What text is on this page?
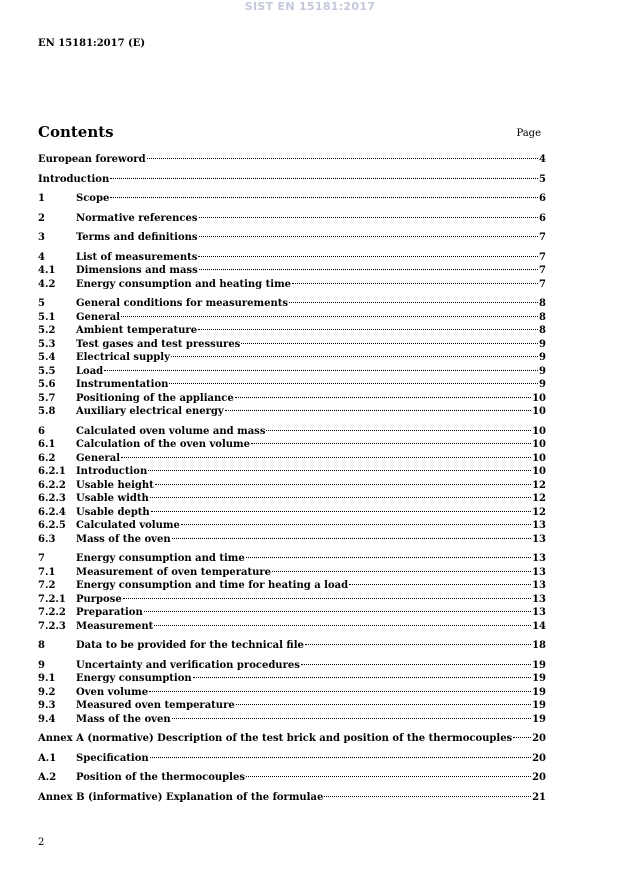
SIST EN 15181:2017
EN 15181:2017 (E)
Contents	Page
European foreword	4
Introduction	5
1	Scope	6
2	Normative references	6
3	Terms and definitions	7
4	List of measurements	7
4.1	Dimensions and mass	7
4.2	Energy consumption and heating time	7
5	General conditions for measurements	8
5.1	General	8
5.2	Ambient temperature	8
5.3	Test gases and test pressures	9
5.4	Electrical supply	9
5.5	Load	9
5.6	Instrumentation	9
5.7	Positioning of the appliance	10
5.8	Auxiliary electrical energy	10
6	Calculated oven volume and mass	10
6.1	Calculation of the oven volume	10
6.2	General	10
6.2.1	Introduction	10
6.2.2	Usable height	12
6.2.3	Usable width	12
6.2.4	Usable depth	12
6.2.5	Calculated volume	13
6.3	Mass of the oven	13
7	Energy consumption and time	13
7.1	Measurement of oven temperature	13
7.2	Energy consumption and time for heating a load	13
7.2.1	Purpose	13
7.2.2	Preparation	13
7.2.3	Measurement	14
8	Data to be provided for the technical file	18
9	Uncertainty and verification procedures	19
9.1	Energy consumption	19
9.2	Oven volume	19
9.3	Measured oven temperature	19
9.4	Mass of the oven	19
Annex A (normative) Description of the test brick and position of the thermocouples 20
A.1	Specification	20
A.2	Position of the thermocouples	20
Annex B (informative) Explanation of the formulae	21
2
